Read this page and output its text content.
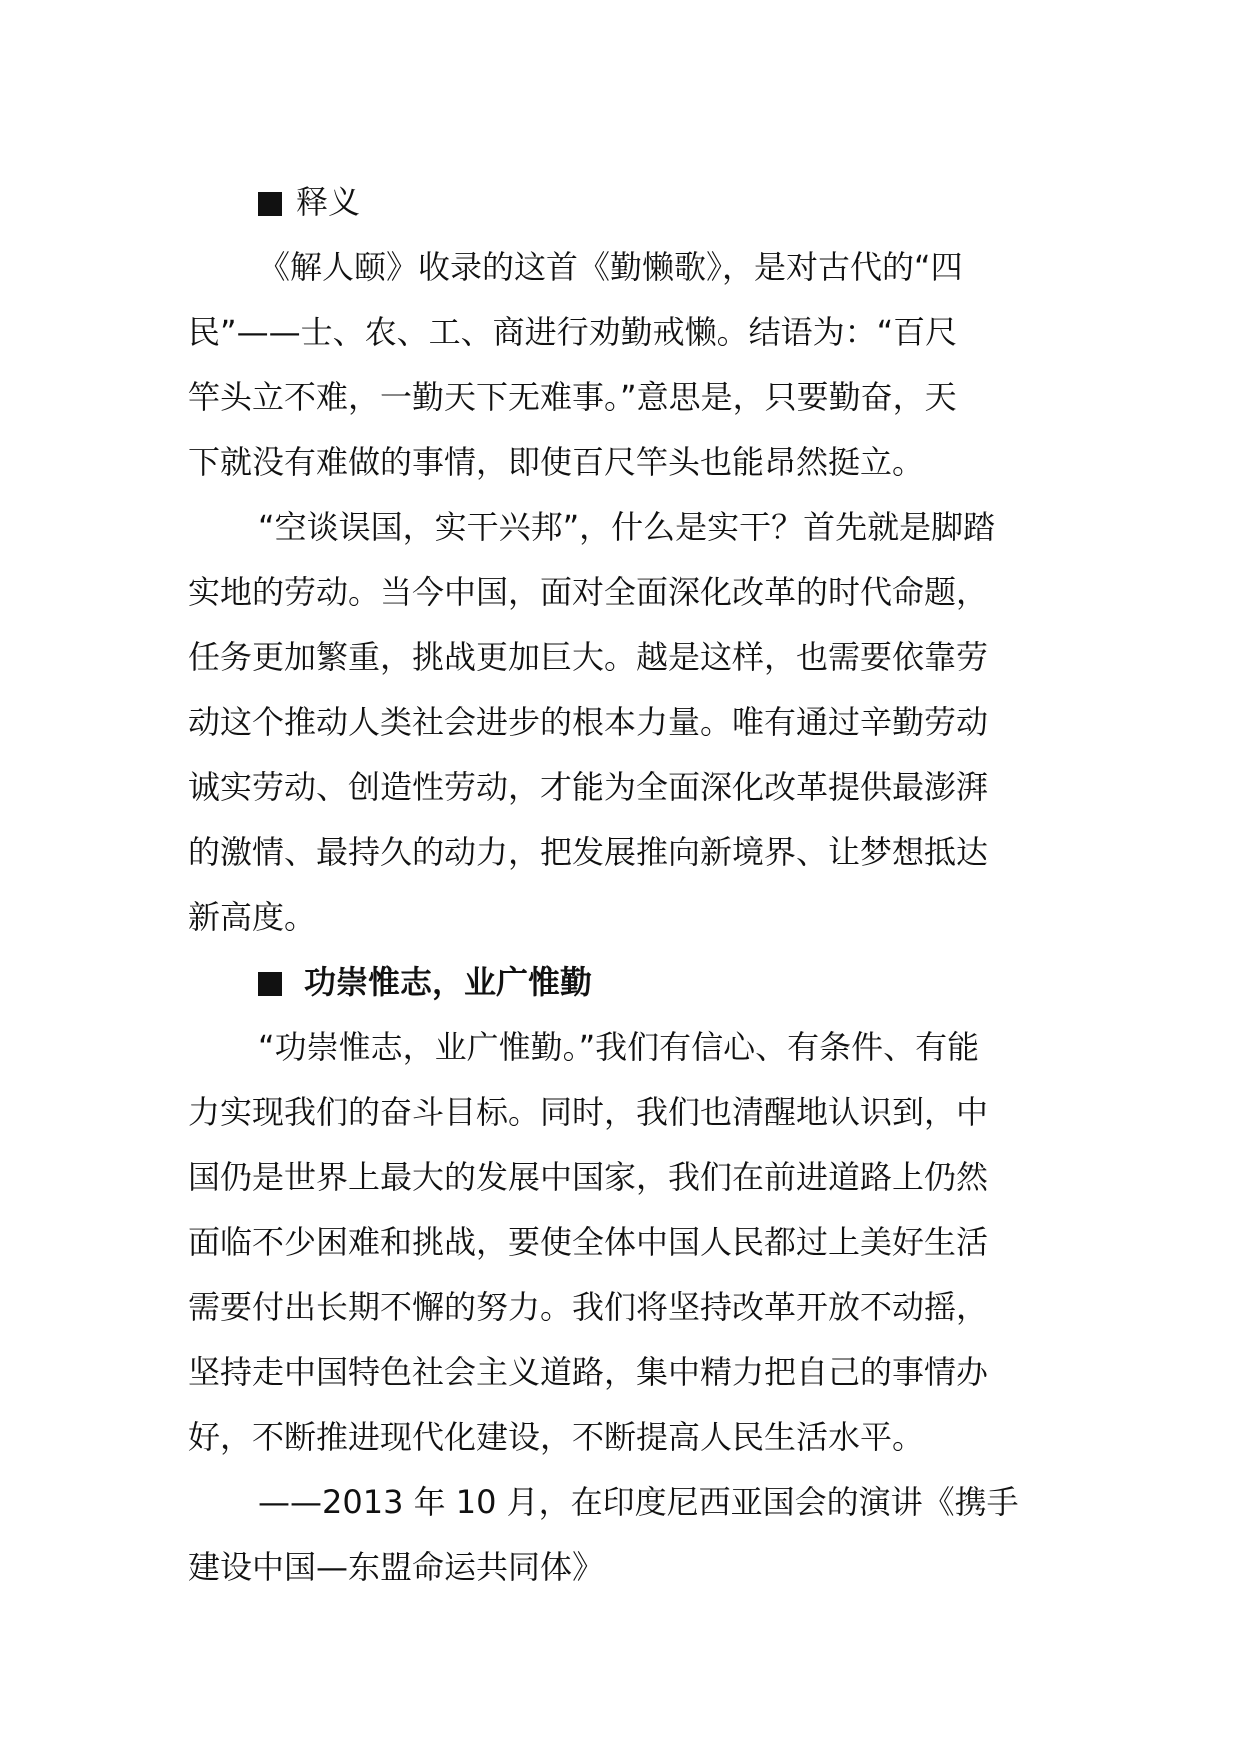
释义
《解人颐》收录的这首《勤懒歌》，是对古代的“四
民”——士、农、工、商进行劝勤戒懒。结语为：“百尺
竿头立不难，一勤天下无难事。”意思是，只要勤奋，天
下就没有难做的事情，即使百尺竿头也能昂然挺立。
“空谈误国，实干兴邦”，什么是实干？首先就是脚踏
实地的劳动。当今中国，面对全面深化改革的时代命题，
任务更加繁重，挑战更加巨大。越是这样，也需要依靠劳
动这个推动人类社会进步的根本力量。唯有通过辛勤劳动
诚实劳动、创造性劳动，才能为全面深化改革提供最澎湃
的激情、最持久的动力，把发展推向新境界、让梦想抵达
新高度。
功崇惟志，业广惟勤
“功崇惟志，业广惟勤。”我们有信心、有条件、有能
力实现我们的奋斗目标。同时，我们也清醒地认识到，中
国仍是世界上最大的发展中国家，我们在前进道路上仍然
面临不少困难和挑战，要使全体中国人民都过上美好生活
需要付出长期不懈的努力。我们将坚持改革开放不动摇，
坚持走中国特色社会主义道路，集中精力把自己的事情办
好，不断推进现代化建设，不断提高人民生活水平。
——2013 年 10 月，在印度尼西亚国会的演讲《携手
建设中国—东盟命运共同体》
